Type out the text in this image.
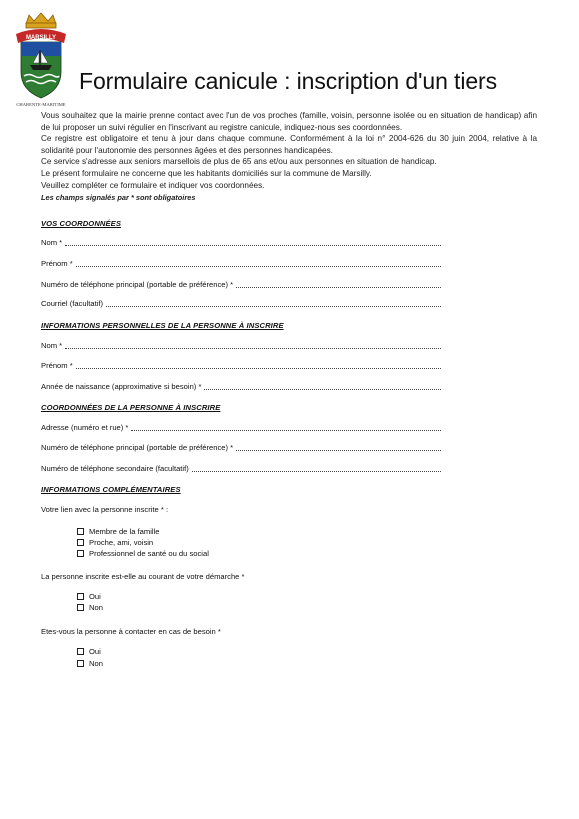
MARSILLY
CHARENTE-MARITIME
Formulaire canicule : inscription d'un tiers

Vous souhaitez que la mairie prenne contact avec l'un de vos proches (famille, voisin, personne isolée ou en situation de handicap) afin de lui proposer un suivi régulier en l'inscrivant au registre canicule, indiquez-nous ses coordonnées.

Ce registre est obligatoire et tenu à jour dans chaque commune. Conformément à la loi n° 2004-626 du 30 juin 2004, relative à la solidarité pour l'autonomie des personnes âgées et des personnes handicapées.

Ce service s'adresse aux seniors marsellois de plus de 65 ans et/ou aux personnes en situation de handicap.

Le présent formulaire ne concerne que les habitants domiciliés sur la commune de Marsilly.

Veuillez compléter ce formulaire et indiquer vos coordonnées.

Les champs signalés par * sont obligatoires

VOS COORDONNÉES
Nom *
Prénom *
Numéro de téléphone principal (portable de préférence) *
Courriel (facultatif)
INFORMATIONS PERSONNELLES DE LA PERSONNE À INSCRIRE
Nom *
Prénom *
Année de naissance (approximative si besoin) *
COORDONNÉES DE LA PERSONNE À INSCRIRE
Adresse (numéro et rue) *
Numéro de téléphone principal (portable de préférence) *
Numéro de téléphone secondaire (facultatif)
INFORMATIONS COMPLÉMENTAIRES
Votre lien avec la personne inscrite * :
Membre de la famille
Proche, ami, voisin
Professionnel de santé ou du social
La personne inscrite est-elle au courant de votre démarche *
Oui
Non
Etes-vous la personne à contacter en cas de besoin *
Oui
Non
